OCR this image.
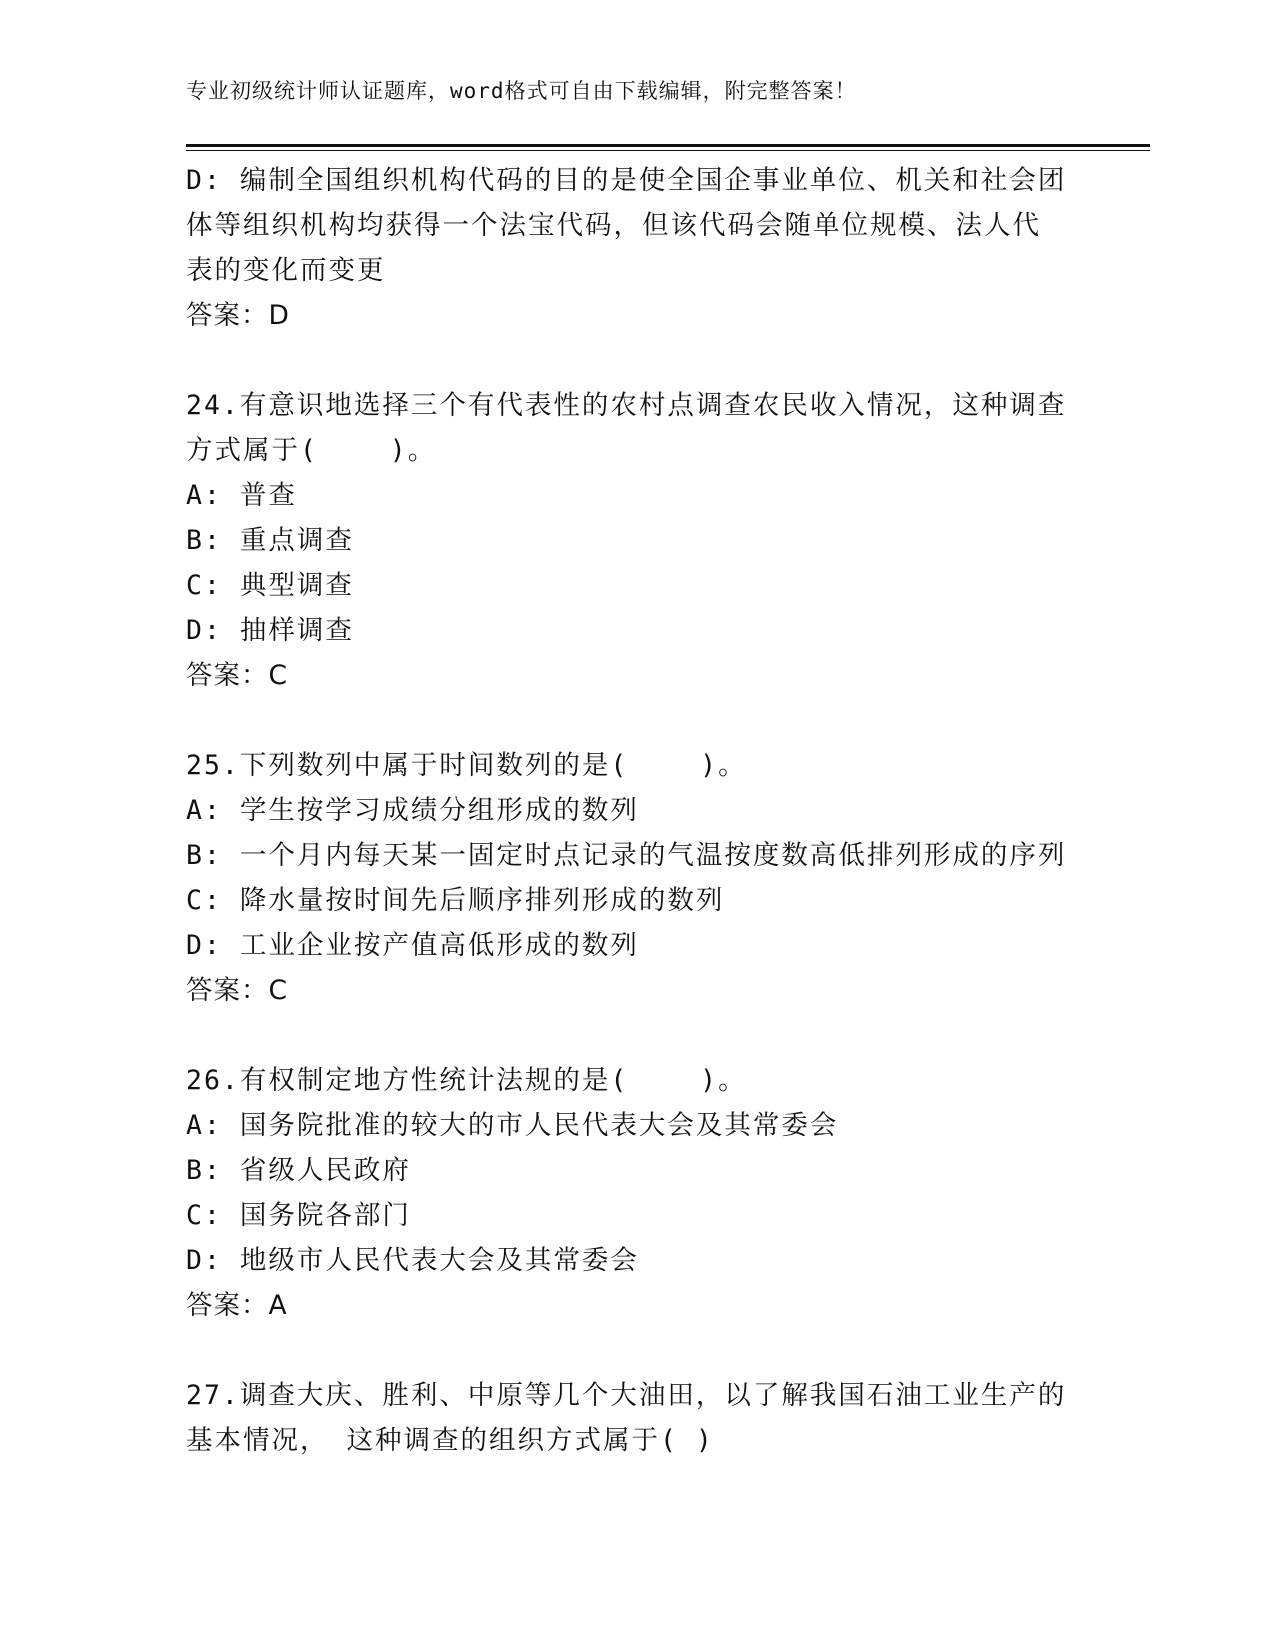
专业初级统计师认证题库，word格式可自由下载编辑，附完整答案！
D: 编制全国组织机构代码的目的是使全国企事业单位、机关和社会团
体等组织机构均获得一个法宝代码，但该代码会随单位规模、法人代
表的变化而变更
答案：D
24.有意识地选择三个有代表性的农村点调查农民收入情况，这种调查
方式属于(    )。
A: 普查
B: 重点调查
C: 典型调查
D: 抽样调查
答案：C
25.下列数列中属于时间数列的是(    )。
A: 学生按学习成绩分组形成的数列
B: 一个月内每天某一固定时点记录的气温按度数高低排列形成的序列
C: 降水量按时间先后顺序排列形成的数列
D: 工业企业按产值高低形成的数列
答案：C
26.有权制定地方性统计法规的是(    )。
A: 国务院批准的较大的市人民代表大会及其常委会
B: 省级人民政府
C: 国务院各部门
D: 地级市人民代表大会及其常委会
答案：A
27.调查大庆、胜利、中原等几个大油田，以了解我国石油工业生产的
基本情况， 这种调查的组织方式属于( )
